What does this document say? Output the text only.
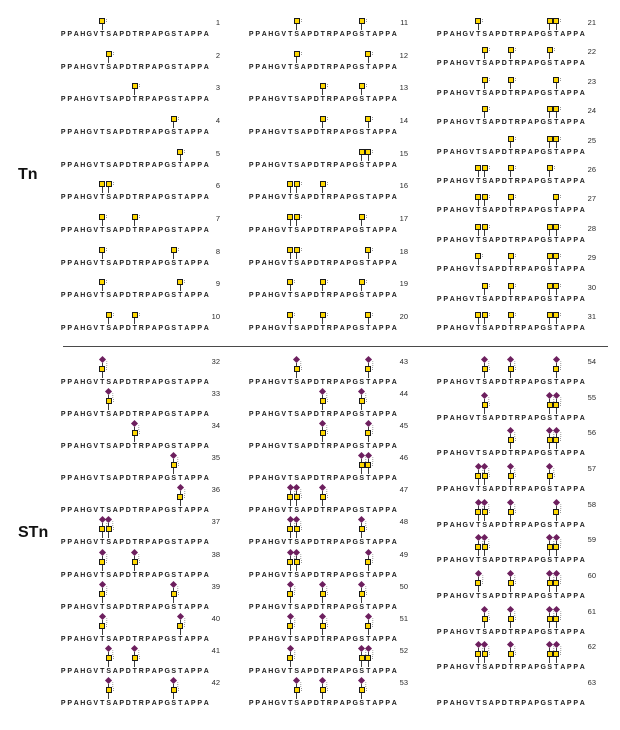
Tn
1
P P A H G V T S A P D T R P A P G S T A P P A
2
P P A H G V T S A P D T R P A P G S T A P P A
3
P P A H G V T S A P D T R P A P G S T A P P A
4
P P A H G V T S A P D T R P A P G S T A P P A
5
P P A H G V T S A P D T R P A P G S T A P P A
6
P P A H G V T S A P D T R P A P G S T A P P A
7
P P A H G V T S A P D T R P A P G S T A P P A
8
P P A H G V T S A P D T R P A P G S T A P P A
9
P P A H G V T S A P D T R P A P G S T A P P A
10
P P A H G V T S A P D T R P A P G S T A P P A
11
P P A H G V T S A P D T R P A P G S T A P P A
12
P P A H G V T S A P D T R P A P G S T A P P A
13
P P A H G V T S A P D T R P A P G S T A P P A
14
P P A H G V T S A P D T R P A P G S T A P P A
15
P P A H G V T S A P D T R P A P G S T A P P A
16
P P A H G V T S A P D T R P A P G S T A P P A
17
P P A H G V T S A P D T R P A P G S T A P P A
18
P P A H G V T S A P D T R P A P G S T A P P A
19
P P A H G V T S A P D T R P A P G S T A P P A
20
P P A H G V T S A P D T R P A P G S T A P P A
21
P P A H G V T S A P D T R P A P G S T A P P A
22
P P A H G V T S A P D T R P A P G S T A P P A
23
P P A H G V T S A P D T R P A P G S T A P P A
24
P P A H G V T S A P D T R P A P G S T A P P A
25
P P A H G V T S A P D T R P A P G S T A P P A
26
P P A H G V T S A P D T R P A P G S T A P P A
27
P P A H G V T S A P D T R P A P G S T A P P A
28
P P A H G V T S A P D T R P A P G S T A P P A
29
P P A H G V T S A P D T R P A P G S T A P P A
30
P P A H G V T S A P D T R P A P G S T A P P A
31
P P A H G V T S A P D T R P A P G S T A P P A
STn
32
P P A H G V T S A P D T R P A P G S T A P P A
33
P P A H G V T S A P D T R P A P G S T A P P A
34
P P A H G V T S A P D T R P A P G S T A P P A
35
P P A H G V T S A P D T R P A P G S T A P P A
36
P P A H G V T S A P D T R P A P G S T A P P A
37
P P A H G V T S A P D T R P A P G S T A P P A
38
P P A H G V T S A P D T R P A P G S T A P P A
39
P P A H G V T S A P D T R P A P G S T A P P A
40
P P A H G V T S A P D T R P A P G S T A P P A
41
P P A H G V T S A P D T R P A P G S T A P P A
42
P P A H G V T S A P D T R P A P G S T A P P A
43
P P A H G V T S A P D T R P A P G S T A P P A
44
P P A H G V T S A P D T R P A P G S T A P P A
45
P P A H G V T S A P D T R P A P G S T A P P A
46
P P A H G V T S A P D T R P A P G S T A P P A
47
P P A H G V T S A P D T R P A P G S T A P P A
48
P P A H G V T S A P D T R P A P G S T A P P A
49
P P A H G V T S A P D T R P A P G S T A P P A
50
P P A H G V T S A P D T R P A P G S T A P P A
51
P P A H G V T S A P D T R P A P G S T A P P A
52
P P A H G V T S A P D T R P A P G S T A P P A
53
P P A H G V T S A P D T R P A P G S T A P P A
54
P P A H G V T S A P D T R P A P G S T A P P A
55
P P A H G V T S A P D T R P A P G S T A P P A
56
P P A H G V T S A P D T R P A P G S T A P P A
57
P P A H G V T S A P D T R P A P G S T A P P A
58
P P A H G V T S A P D T R P A P G S T A P P A
59
P P A H G V T S A P D T R P A P G S T A P P A
60
P P A H G V T S A P D T R P A P G S T A P P A
61
P P A H G V T S A P D T R P A P G S T A P P A
62
P P A H G V T S A P D T R P A P G S T A P P A
63
P P A H G V T S A P D T R P A P G S T A P P A
